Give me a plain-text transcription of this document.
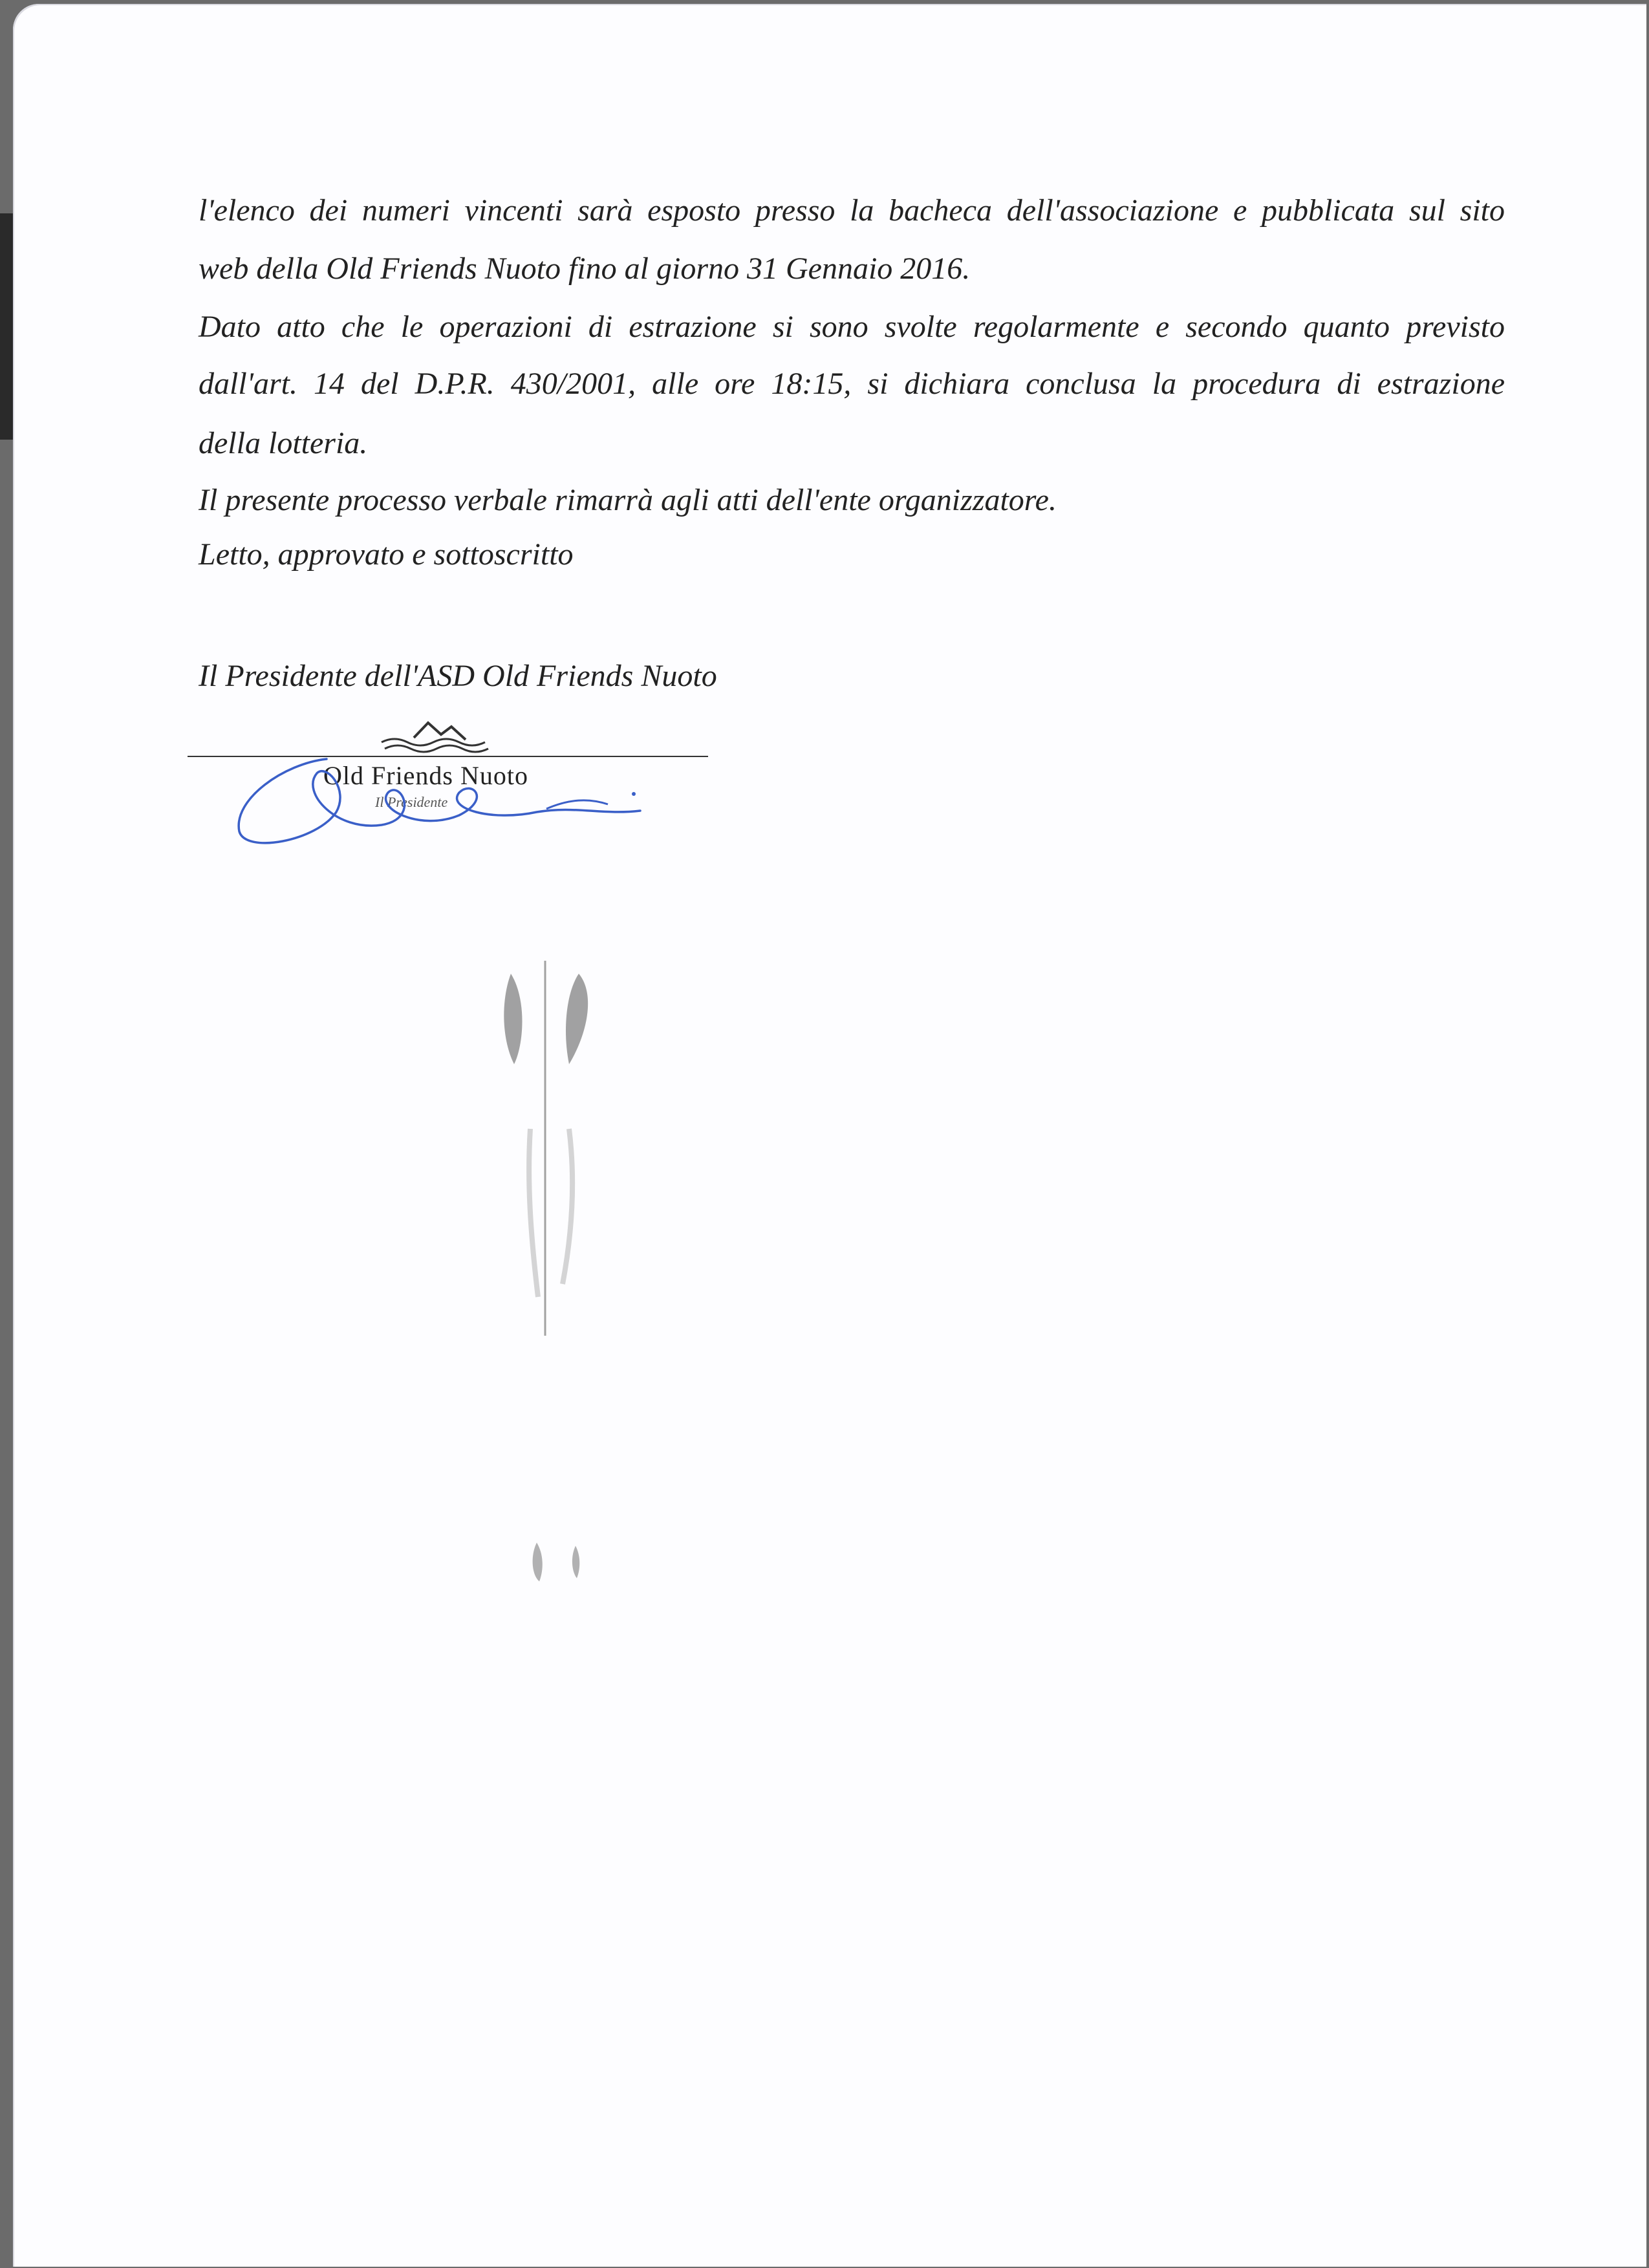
l'elenco dei numeri vincenti sarà esposto presso la bacheca dell'associazione e pubblicata sul sito
web della Old Friends Nuoto fino al giorno 31 Gennaio 2016.
Dato atto che le operazioni di estrazione si sono svolte regolarmente e secondo quanto previsto
dall'art. 14 del D.P.R. 430/2001, alle ore 18:15, si dichiara conclusa la procedura di estrazione
della lotteria.
Il presente processo verbale rimarrà agli atti dell'ente organizzatore.
Letto, approvato e sottoscritto
Il Presidente dell'ASD Old Friends Nuoto
Old Friends Nuoto
Il Presidente
